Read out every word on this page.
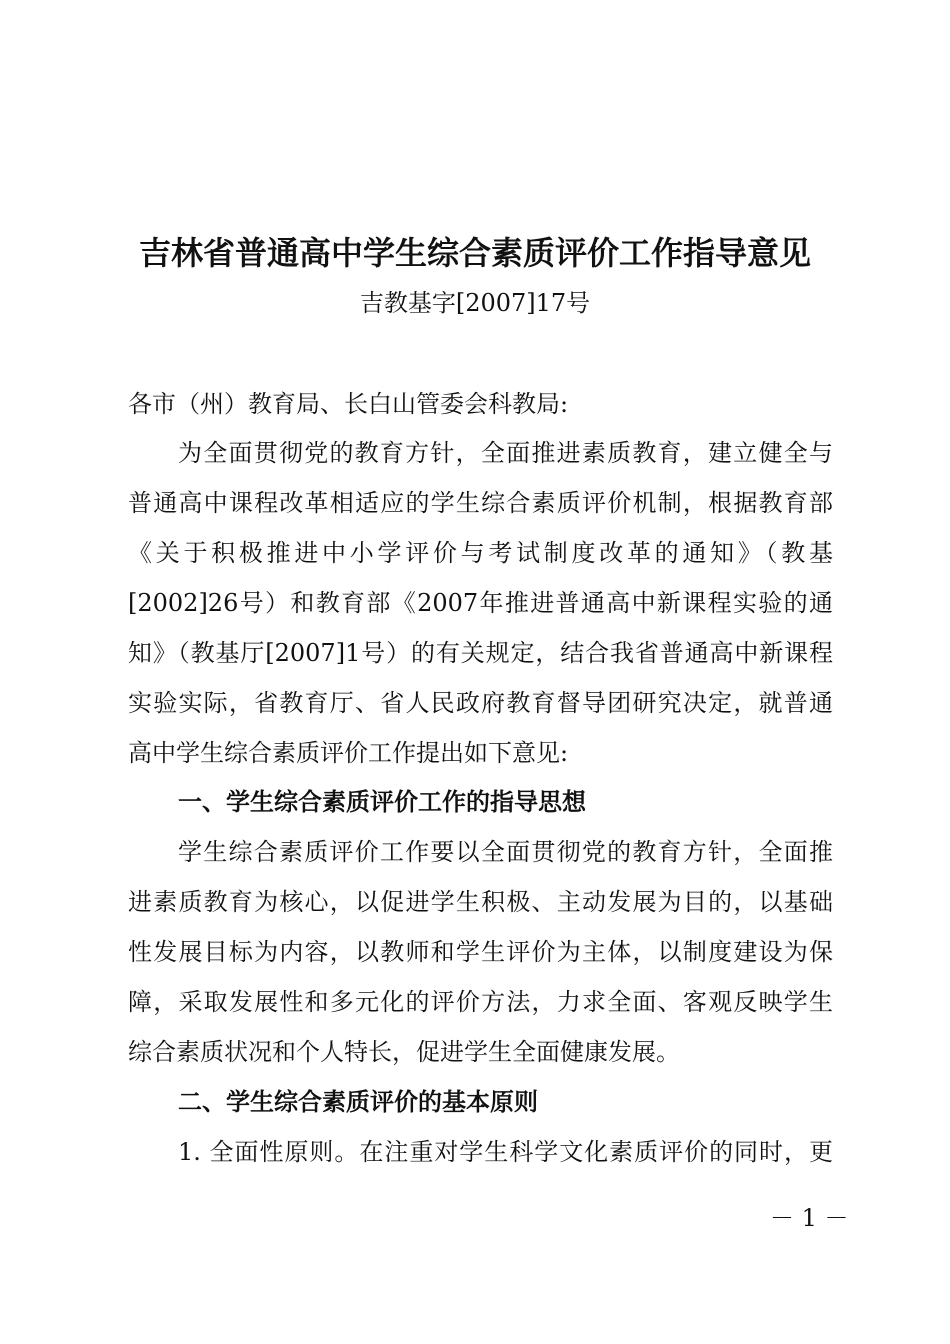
吉林省普通高中学生综合素质评价工作指导意见
吉教基字[2007]17号
各市（州）教育局、长白山管委会科教局:
为全面贯彻党的教育方针，全面推进素质教育，建立健全与
普通高中课程改革相适应的学生综合素质评价机制，根据教育部
《关于积极推进中小学评价与考试制度改革的通知》（教基
[2002]26号）和教育部《2007年推进普通高中新课程实验的通
知》（教基厅[2007]1号）的有关规定，结合我省普通高中新课程
实验实际，省教育厅、省人民政府教育督导团研究决定，就普通
高中学生综合素质评价工作提出如下意见:
一、学生综合素质评价工作的指导思想
学生综合素质评价工作要以全面贯彻党的教育方针，全面推
进素质教育为核心，以促进学生积极、主动发展为目的，以基础
性发展目标为内容，以教师和学生评价为主体，以制度建设为保
障，采取发展性和多元化的评价方法，力求全面、客观反映学生
综合素质状况和个人特长，促进学生全面健康发展。
二、学生综合素质评价的基本原则
1. 全面性原则。在注重对学生科学文化素质评价的同时，更
－ 1 －
